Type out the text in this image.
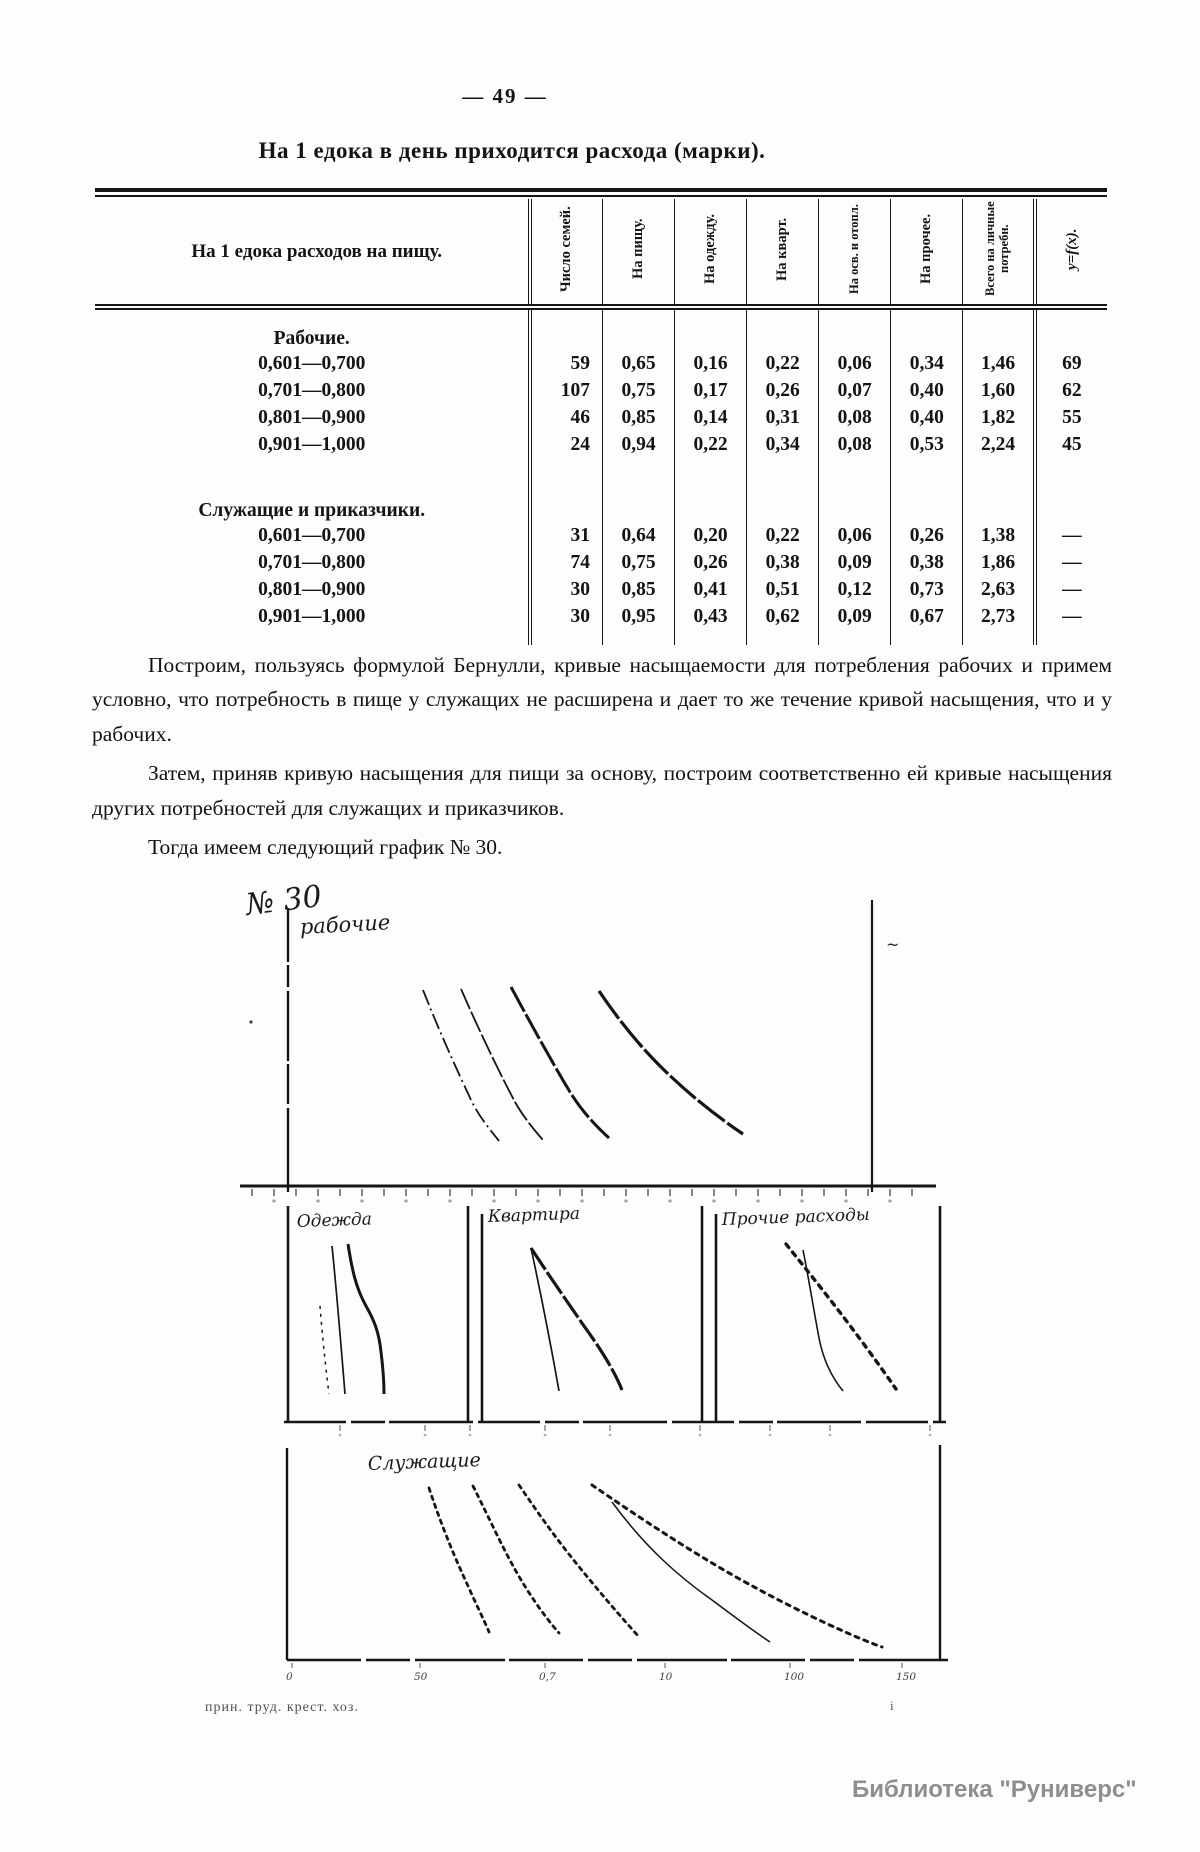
— 49 —
На 1 едока в день приходится расхода (марки).
На 1 едока расходов на пищу.	Число семей.	На пищу.	На одежду.	На кварт.	На осв. и отопл.	На прочее.	Всего на личные потребн.	y=f(x).
Рабочие.								
0,601—0,700	59	0,65	0,16	0,22	0,06	0,34	1,46	69
0,701—0,800	107	0,75	0,17	0,26	0,07	0,40	1,60	62
0,801—0,900	46	0,85	0,14	0,31	0,08	0,40	1,82	55
0,901—1,000	24	0,94	0,22	0,34	0,08	0,53	2,24	45
Служащие и приказчики.								
0,601—0,700	31	0,64	0,20	0,22	0,06	0,26	1,38	—
0,701—0,800	74	0,75	0,26	0,38	0,09	0,38	1,86	—
0,801—0,900	30	0,85	0,41	0,51	0,12	0,73	2,63	—
0,901—1,000	30	0,95	0,43	0,62	0,09	0,67	2,73	—

Построим, пользуясь формулой Бернулли, кривые насыщаемости для потребления рабочих и примем условно, что потребность в пище у служащих не расширена и дает то же течение кривой насыщения, что и у рабочих.

Затем, приняв кривую насыщения для пищи за основу, построим соответственно ей кривые насыщения других потребностей для служащих и приказчиков.

Тогда имеем следующий график № 30.

№ 30
рабочие
~
Одежда	Квартира	Прочие расходы
Служащие
0	50	0,7	10	100	150
прин. труд. крест. хоз.	i
Библиотека "Руниверс"
